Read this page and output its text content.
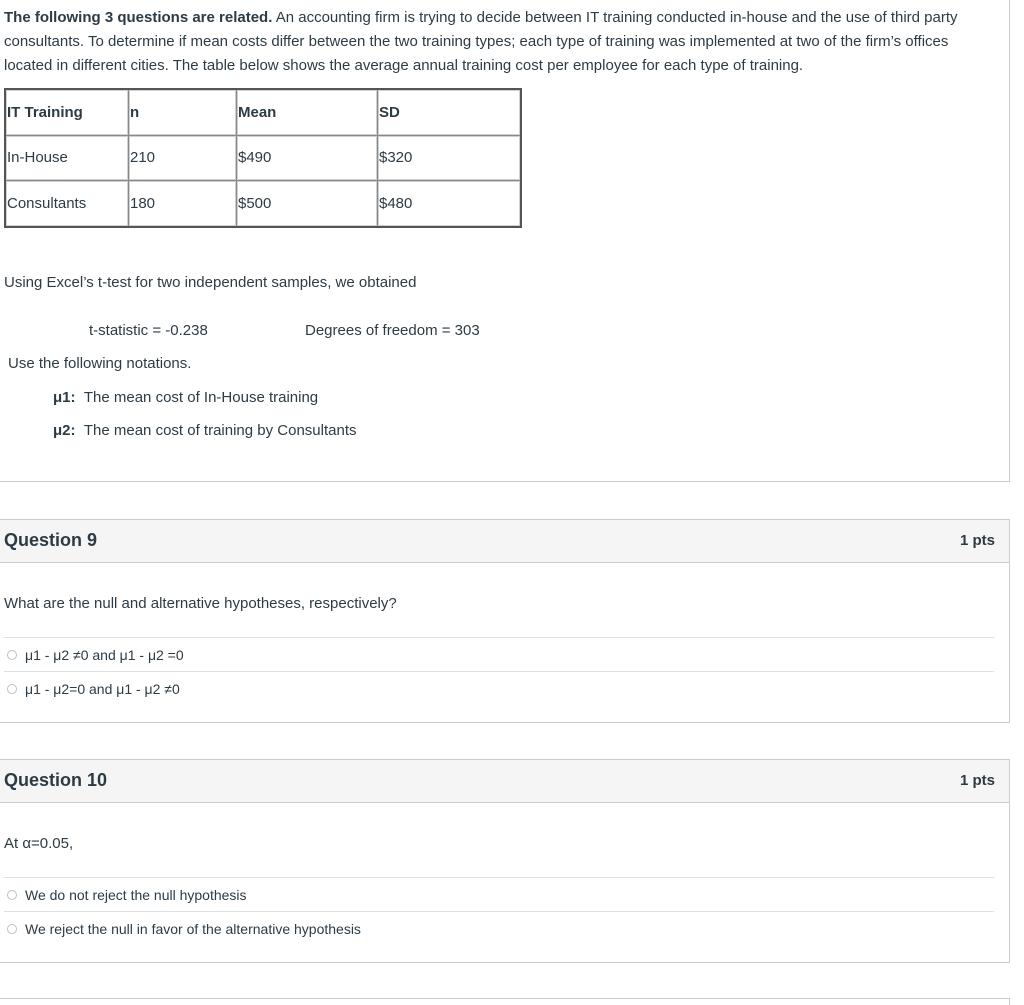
The following 3 questions are related. An accounting firm is trying to decide between IT training conducted in-house and the use of third party consultants. To determine if mean costs differ between the two training types; each type of training was implemented at two of the firm’s offices located in different cities. The table below shows the average annual training cost per employee for each type of training.
IT Training	n	Mean	SD
In-House	210	$490	$320
Consultants	180	$500	$480
Using Excel’s t-test for two independent samples, we obtained
t-statistic = -0.238	Degrees of freedom = 303
Use the following notations.
μ1: The mean cost of In-House training
μ2: The mean cost of training by Consultants
Question 9	1 pts
What are the null and alternative hypotheses, respectively?
μ1 - μ2 ≠0 and μ1 - μ2 =0
μ1 - μ2=0 and μ1 - μ2 ≠0
Question 10	1 pts
At α=0.05,
We do not reject the null hypothesis
We reject the null in favor of the alternative hypothesis
